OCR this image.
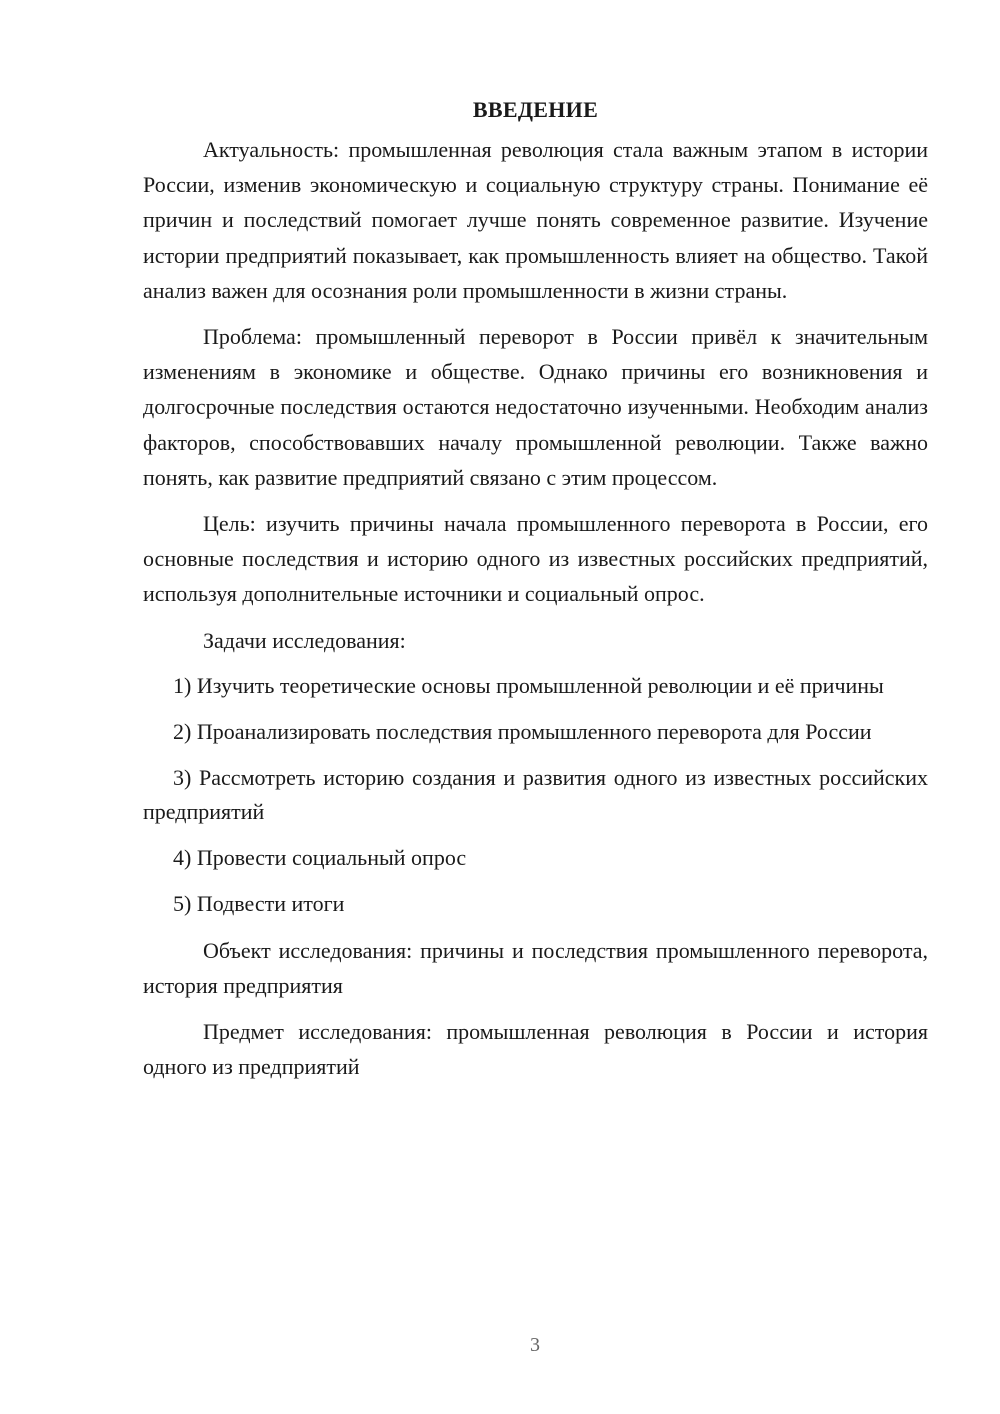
ВВЕДЕНИЕ

Актуальность: промышленная революция стала важным этапом в истории России, изменив экономическую и социальную структуру страны. Понимание её причин и последствий помогает лучше понять современное развитие. Изучение истории предприятий показывает, как промышленность влияет на общество. Такой анализ важен для осознания роли промышленности в жизни страны.

Проблема: промышленный переворот в России привёл к значительным изменениям в экономике и обществе. Однако причины его возникновения и долгосрочные последствия остаются недостаточно изученными. Необходим анализ факторов, способствовавших началу промышленной революции. Также важно понять, как развитие предприятий связано с этим процессом.

Цель: изучить причины начала промышленного переворота в России, его основные последствия и историю одного из известных российских предприятий, используя дополнительные источники и социальный опрос.

Задачи исследования:

1) Изучить теоретические основы промышленной революции и её причины

2) Проанализировать последствия промышленного переворота для России

3) Рассмотреть историю создания и развития одного из известных российских предприятий

4) Провести социальный опрос

5) Подвести итоги

Объект исследования: причины и последствия промышленного переворота, история предприятия

Предмет исследования: промышленная революция в России и история одного из предприятий

3
